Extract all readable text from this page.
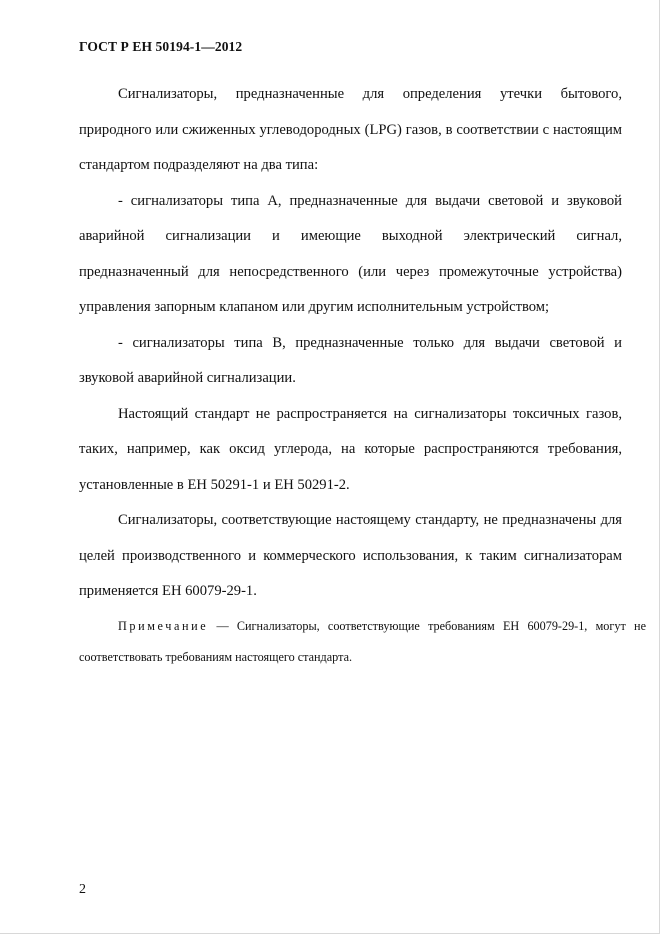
ГОСТ Р ЕН 50194-1—2012

Сигнализаторы, предназначенные для определения утечки бытового, природного или сжиженных углеводородных (LPG) газов, в соответствии с настоящим стандартом подразделяют на два типа:

- сигнализаторы типа А, предназначенные для выдачи световой и звуковой аварийной сигнализации и имеющие выходной электрический сигнал, предназначенный для непосредственного (или через промежуточные устройства) управления запорным клапаном или другим исполнительным устройством;

- сигнализаторы типа В, предназначенные только для выдачи световой и звуковой аварийной сигнализации.

Настоящий стандарт не распространяется на сигнализаторы токсичных газов, таких, например, как оксид углерода, на которые распространяются требования, установленные в ЕН 50291-1 и ЕН 50291-2.

Сигнализаторы, соответствующие настоящему стандарту, не предназначены для целей производственного и коммерческого использования, к таким сигнализаторам применяется ЕН 60079-29-1.

Примечание — Сигнализаторы, соответствующие требованиям ЕН 60079-29-1, могут не соответствовать требованиям настоящего стандарта.
2
